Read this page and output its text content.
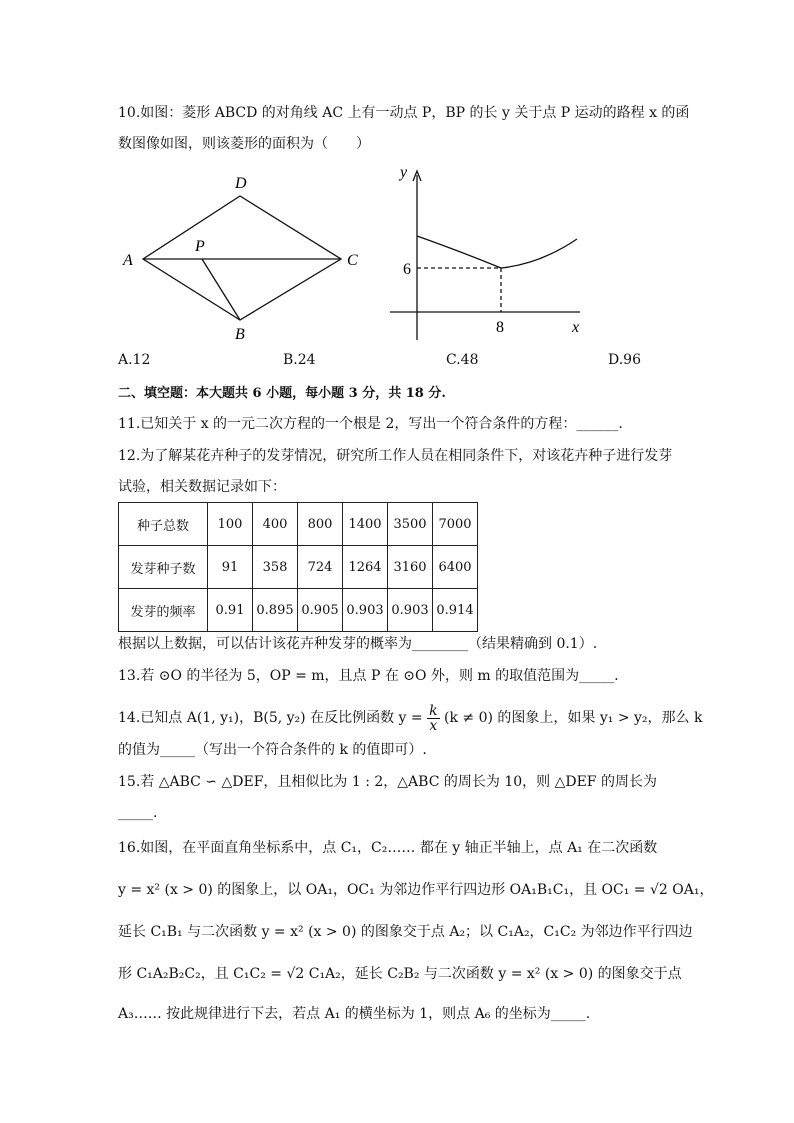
10.如图：菱形 ABCD 的对角线 AC 上有一动点 P，BP 的长 y 关于点 P 运动的路程 x 的函
数图像如图，则该菱形的面积为（　　）
A
D
C
P
B
y
x
6
8
A.12	B.24	C.48	D.96
二、填空题：本大题共 6 小题，每小题 3 分，共 18 分.
11.已知关于 x 的一元二次方程的一个根是 2，写出一个符合条件的方程：______.
12.为了解某花卉种子的发芽情况，研究所工作人员在相同条件下，对该花卉种子进行发芽
试验，相关数据记录如下：
种子总数	100	400	800	1400	3500	7000
发芽种子数	91	358	724	1264	3160	6400
发芽的频率	0.91	0.895	0.905	0.903	0.903	0.914
根据以上数据，可以估计该花卉种发芽的概率为________（结果精确到 0.1）.
13.若 ⊙O 的半径为 5，OP = m，且点 P 在 ⊙O 外，则 m 的取值范围为_____.
14.已知点 A(1, y₁)，B(5, y₂) 在反比例函数 $y = \frac{k}{x} (k \ne 0)$ 的图象上，如果 y₁ > y₂，那么 k
的值为_____（写出一个符合条件的 k 的值即可）.
15.若 △ABC ∽ △DEF，且相似比为 1 : 2，△ABC 的周长为 10，则 △DEF 的周长为
_____.
16.如图，在平面直角坐标系中，点 C₁，C₂…… 都在 y 轴正半轴上，点 A₁ 在二次函数
y = x² (x > 0) 的图象上，以 OA₁，OC₁ 为邻边作平行四边形 OA₁B₁C₁，且 OC₁ = √2 OA₁，
延长 C₁B₁ 与二次函数 y = x² (x > 0) 的图象交于点 A₂；以 C₁A₂，C₁C₂ 为邻边作平行四边
形 C₁A₂B₂C₂，且 C₁C₂ = √2 C₁A₂，延长 C₂B₂ 与二次函数 y = x² (x > 0) 的图象交于点
A₃…… 按此规律进行下去，若点 A₁ 的横坐标为 1，则点 A₆ 的坐标为_____.
